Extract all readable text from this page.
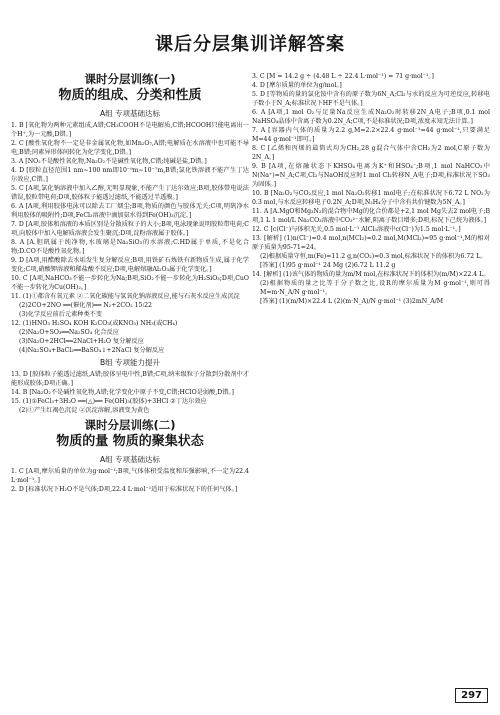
课后分层集训详解答案
课时分层训练(一)
物质的组成、分类和性质
A组 专项基础达标
1. B [氧化物为两种元素组成,A错;CH₃COOH不是电解质,C错;HCOOH只能电离出一个H⁺,为一元酸,D错。]
2. C [酸性氧化物不一定是非金属氧化物,如Mn₂O₇,A错;电解质在水溶液中也可能不导电,B错;同素异形体间转化为化学变化,D错。]
3. A [NO₂不是酸性氧化物,Na₂O₂不是碱性氧化物,C错;纯碱是盐,D错。]
4. D [胶粒直径范围1 nm~100 nm即10⁻⁹m~10⁻⁷m,B错;氯化铁溶液不能产生丁达尔效应,C错。]
5. C [A项,氯化钠溶液中加入乙醇,无明显现象,不能产生丁达尔效应;B项,胶体带电说法错误,胶粒带电荷;D项,胶体粒子能透过滤纸,不能透过半透膜。]
6. A [A项,利用胶体电泳可以除去工厂烟尘;B项,物质的颜色与胶体无关;C项,明矾净水利用胶体的吸附性;D项,FeCl₃溶液中滴加氨水得到Fe(OH)₃沉淀。]
7. D [A项,胶体和溶液的本质区别是分散质粒子的大小;B项,电泳现象说明胶粒带电荷;C项,向胶体中加入电解质溶液会发生聚沉;D项,淀粉溶液属于胶体。]
8. A [A.胆矾属于纯净物,水玻璃是Na₂SiO₃的水溶液;C.HD属于单质,不是化合物;D.CO不是酸性氧化物。]
9. D [A项,用醋酸除去水垢发生复分解反应;B项,用铁矿石炼铁有新物质生成,属于化学变化;C项,硝酸钾溶液和稀盐酸不反应;D项,电解熔融Al₂O₃属于化学变化。]
10. C [A项,NaHCO₃不能一步转化为Na;B项,SiO₂不能一步转化为H₂SiO₃;D项,CuO不能一步转化为Cu(OH)₂。]
11. (1)①都含有氧元素 ②二氧化碳能与氢氧化钠溶液反应,能与石灰水反应生成沉淀
(2)2CO+2NO ══(催化剂)══ N₂+2CO₂ 15∶22
(3)化学反应前后元素种类不变
12. (1)HNO₃ H₂SO₄ KOH K₂CO₃(或KNO₃) NH₃(或CH₄)
(2)Na₂O+SO₃══Na₂SO₄ 化合反应
(3)Na₂O+2HCl══2NaCl+H₂O 复分解反应
(4)Na₂SO₄+BaCl₂══BaSO₄↓+2NaCl 复分解反应
B组 专项能力提升
13. D [胶体粒子能透过滤纸,A错;胶体呈电中性,B错;C项,纳米级粒子分散到分散剂中才能形成胶体;D项正确。]
14. B [Na₂O₂不是碱性氧化物,A错;化学变化中原子不变,C错;HClO是弱酸,D错。]
15. (1)①FeCl₃+3H₂O ══(△)══ Fe(OH)₃(胶体)+3HCl ②丁达尔效应
(2)①产生红褐色沉淀 ②沉淀溶解,溶液变为黄色
课时分层训练(二)
物质的量 物质的聚集状态
A组 专项基础达标
1. C [A项,摩尔质量的单位为g·mol⁻¹;B项,气体体积受温度和压强影响,不一定为22.4 L·mol⁻¹。]
2. D [标准状况下H₂O不是气体;D项,22.4 L·mol⁻¹适用于标准状况下的任何气体。]
3. C [M = 14.2 g ÷ (4.48 L ÷ 22.4 L·mol⁻¹) = 71 g·mol⁻¹。]
4. D [摩尔质量的单位为g/mol。]
5. D [等物质的量的氯化铵中含有的原子数为6N_A;Cl₂与水的反应为可逆反应,转移电子数小于N_A;标准状况下HF不是气体。]
6. A [A项,1 mol O₂与足量Na反应生成Na₂O₂时转移2N_A电子;B项,0.1 mol NaHSO₄晶体中含离子数为0.2N_A;C项,不是标准状况;D项,浓度未知无法计算。]
7. A [容器内气体的质量为2.2 g,M=2.2×22.4 g·mol⁻¹=44 g·mol⁻¹,只要满足M=44 g·mol⁻¹即可。]
8. C [乙烯和丙烯的最简式均为CH₂,28 g混合气体中含CH₂为2 mol,C原子数为2N_A。]
9. B [A项,在熔融状态下KHSO₄电离为K⁺和HSO₄⁻;B项,1 mol NaHCO₃中N(Na⁺)=N_A;C项,Cl₂与NaOH反应时1 mol Cl₂转移N_A电子;D项,标准状况下SO₃为固体。]
10. B [Na₂O₂与CO₂反应,1 mol Na₂O₂转移1 mol电子;在标准状况下6.72 L NO₂为0.3 mol,与水反应转移电子0.2N_A;D项,N₂H₄分子中含有共价键数为5N_A。]
11. A [A.MgO和Mg₃N₂的混合物中Mg的化合价都是+2,1 mol Mg失去2 mol电子;B项,1 L 1 mol/L Na₂CO₃溶液中CO₃²⁻水解,阴离子数目增多;D项,标况下己烷为液体。]
12. C [c(Cl⁻)与体积无关,0.5 mol·L⁻¹ AlCl₃溶液中c(Cl⁻)为1.5 mol·L⁻¹。]
13. [解析] (1)n(Cl⁻)=0.4 mol,n(MCl₂)=0.2 mol,M(MCl₂)=95 g·mol⁻¹,M的相对原子质量为95-71=24。
(2)根据质量守恒,m(Fe)=11.2 g,n(CO₂)=0.3 mol,标准状况下的体积为6.72 L。
[答案] (1)95 g·mol⁻¹ 24 Mg (2)6.72 L 11.2 g
14. [解析] (1)该气体的物质的量为m/M mol,在标准状况下的体积为(m/M)×22.4 L。
(2)根据物质的量之比等于分子数之比,设R的摩尔质量为M g·mol⁻¹,则可得M=m·N_A/N g·mol⁻¹。
[答案] (1)(m/M)×22.4 L (2)(m·N_A)/N g·mol⁻¹ (3)2mN_A/M
297
